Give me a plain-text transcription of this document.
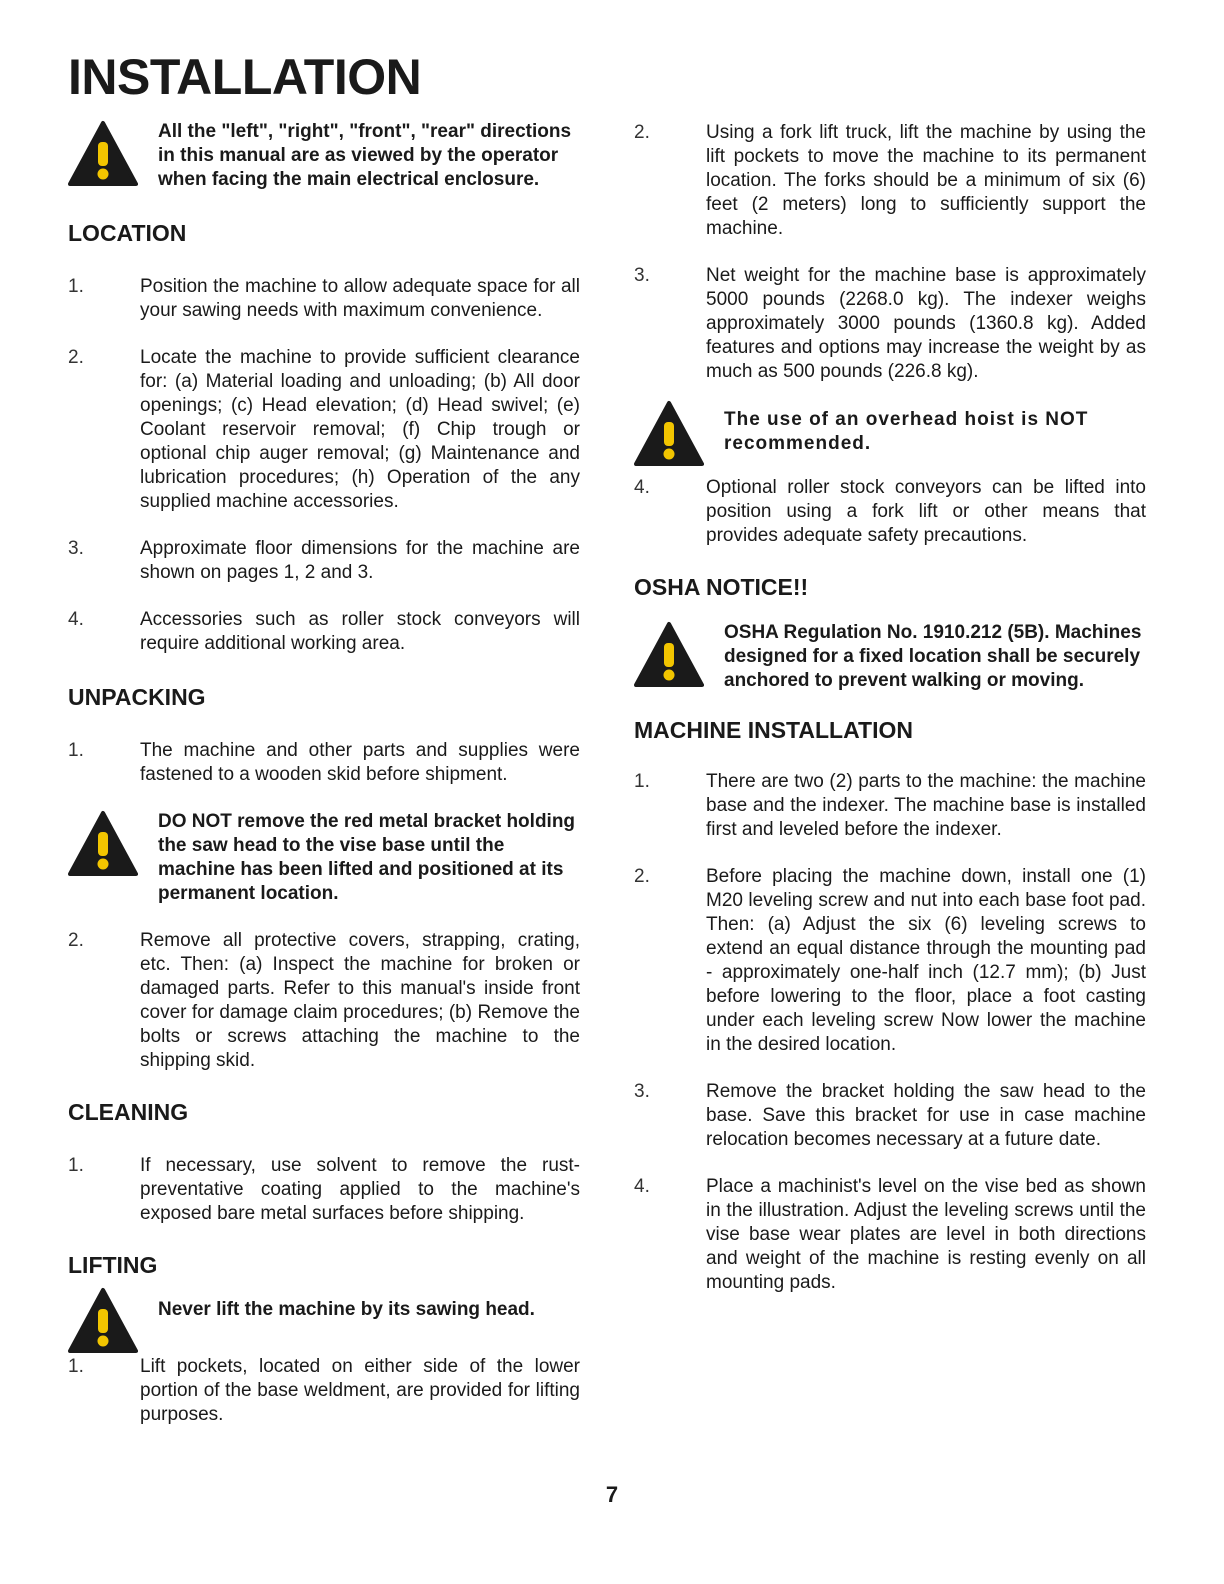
INSTALLATION
All the "left", "right", "front", "rear" directions in this manual are as viewed by the operator when facing the main electrical enclosure.
LOCATION
1.	Position the machine to allow adequate space for all your sawing needs with maximum convenience.
2.	Locate the machine to provide sufficient clearance for: (a) Material loading and unloading; (b) All door openings; (c) Head elevation; (d) Head swivel; (e) Coolant reservoir removal; (f) Chip trough or optional chip auger removal; (g) Maintenance and lubrication procedures; (h) Operation of the any supplied machine accessories.
3.	Approximate floor dimensions for the machine are shown on pages 1, 2 and 3.
4.	Accessories such as roller stock conveyors will require additional working area.
UNPACKING
1.	The machine and other parts and supplies were fastened to a wooden skid before shipment.
DO NOT remove the red metal bracket holding the saw head to the vise base until the machine has been lifted and positioned at its permanent location.
2.	Remove all protective covers, strapping, crating, etc. Then: (a) Inspect the machine for broken or damaged parts. Refer to this manual's inside front cover for damage claim procedures; (b) Remove the bolts or screws attaching the machine to the shipping skid.
CLEANING
1.	If necessary, use solvent to remove the rust-preventative coating applied to the machine's exposed bare metal surfaces before shipping.
LIFTING
Never lift the machine by its sawing head.
1.	Lift pockets, located on either side of the lower portion of the base weldment, are provided for lifting purposes.
2.	Using a fork lift truck, lift the machine by using the lift pockets to move the machine to its permanent location. The forks should be a minimum of six (6) feet (2 meters) long to sufficiently support the machine.
3.	Net weight for the machine base is approximately 5000 pounds (2268.0 kg). The indexer weighs approximately 3000 pounds (1360.8 kg). Added features and options may increase the weight by as much as 500 pounds (226.8 kg).
The use of an overhead hoist is NOT recommended.
4.	Optional roller stock conveyors can be lifted into position using a fork lift or other means that provides adequate safety precautions.
OSHA NOTICE!!
OSHA Regulation No. 1910.212 (5B). Machines designed for a fixed location shall be securely anchored to prevent walking or moving.
MACHINE INSTALLATION
1.	There are two (2) parts to the machine: the machine base and the indexer. The machine base is installed first and leveled before the indexer.
2.	Before placing the machine down, install one (1) M20 leveling screw and nut into each base foot pad. Then: (a) Adjust the six (6) leveling screws to extend an equal distance through the mounting pad - approximately one-half inch (12.7 mm); (b) Just before lowering to the floor, place a foot casting under each leveling screw Now lower the machine in the desired location.
3.	Remove the bracket holding the saw head to the base. Save this bracket for use in case machine relocation becomes necessary at a future date.
4.	Place a machinist's level on the vise bed as shown in the illustration. Adjust the leveling screws until the vise base wear plates are level in both directions and weight of the machine is resting evenly on all mounting pads.
7
